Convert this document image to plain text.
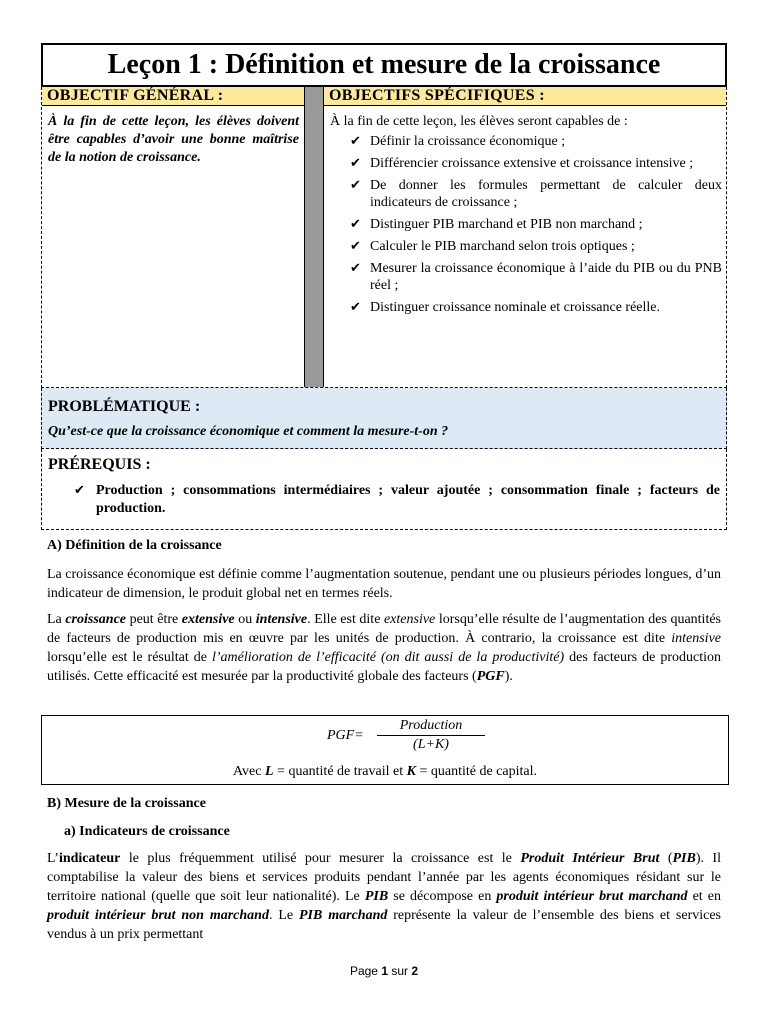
Leçon 1 : Définition et mesure de la croissance
OBJECTIF GÉNÉRAL :
À la fin de cette leçon, les élèves doivent être capables d’avoir une bonne maîtrise de la notion de croissance.
OBJECTIFS SPÉCIFIQUES :
À la fin de cette leçon, les élèves seront capables de :
✔ Définir la croissance économique ;
✔ Différencier croissance extensive et croissance intensive ;
✔ De donner les formules permettant de calculer deux indicateurs de croissance ;
✔ Distinguer PIB marchand et PIB non marchand ;
✔ Calculer le PIB marchand selon trois optiques ;
✔ Mesurer la croissance économique à l’aide du PIB ou du PNB réel ;
✔ Distinguer croissance nominale et croissance réelle.
PROBLÉMATIQUE :

Qu’est-ce que la croissance économique et comment la mesure-t-on ?

PRÉREQUIS :
✔ Production ; consommations intermédiaires ; valeur ajoutée ; consommation finale ; facteurs de production.
A) Définition de la croissance
La croissance économique est définie comme l’augmentation soutenue, pendant une ou plusieurs périodes longues, d’un indicateur de dimension, le produit global net en termes réels.
La croissance peut être extensive ou intensive. Elle est dite extensive lorsqu’elle résulte de l’augmentation des quantités de facteurs de production mis en œuvre par les unités de production. À contrario, la croissance est dite intensive lorsqu’elle est le résultat de l’amélioration de l’efficacité (on dit aussi de la productivité) des facteurs de production utilisés. Cette efficacité est mesurée par la productivité globale des facteurs (PGF).
PGF=
Production
(L+K)
Avec L = quantité de travail et K = quantité de capital.
B) Mesure de la croissance
a) Indicateurs de croissance
L’indicateur le plus fréquemment utilisé pour mesurer la croissance est le Produit Intérieur Brut (PIB). Il comptabilise la valeur des biens et services produits pendant l’année par les agents économiques résidant sur le territoire national (quelle que soit leur nationalité). Le PIB se décompose en produit intérieur brut marchand et en produit intérieur brut non marchand. Le PIB marchand représente la valeur de l’ensemble des biens et services vendus à un prix permettant
Page 1 sur 2
